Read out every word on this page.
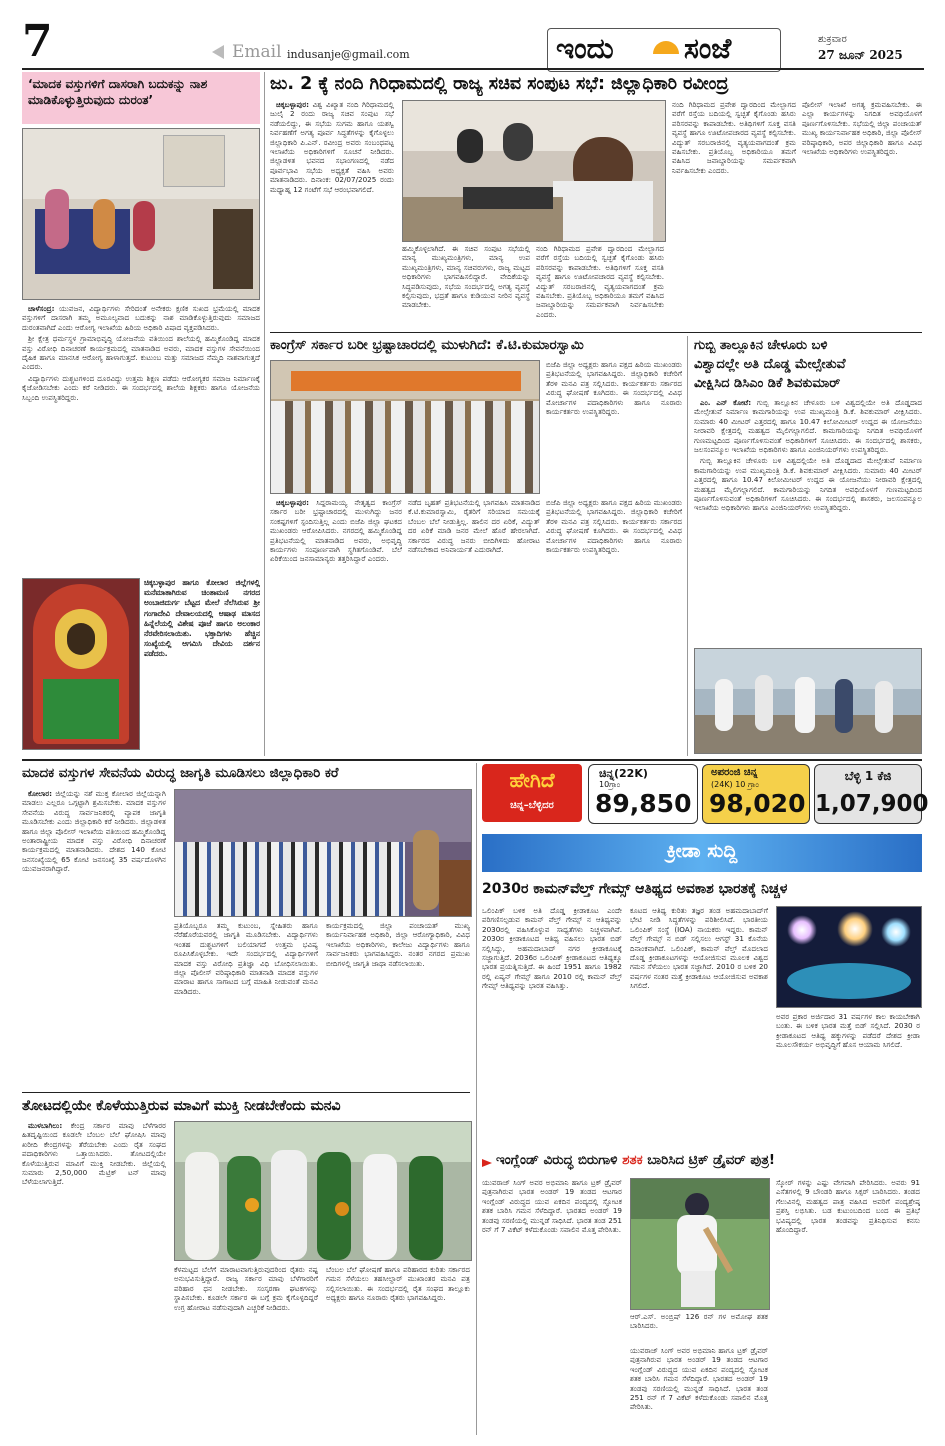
7	Email indusanje@gmail.com	ಇಂದು	ಸಂಜೆ	ಶುಕ್ರವಾರ
27 ಜೂನ್ 2025
‘ಮಾದಕ ವಸ್ತುಗಳಿಗೆ ದಾಸರಾಗಿ ಬದುಕನ್ನು ನಾಶ ಮಾಡಿಕೊಳ್ಳುತ್ತಿರುವುದು ದುರಂತ’

ಚಾಳೆಸಂದ್ರ: ಯುವಜನ, ವಿದ್ಯಾರ್ಥಿಗಳು ಸೇರಿದಂತೆ ಅನೇಕರು ಕ್ಷಣಿಕ ಸುಖದ ಭ್ರಮೆಯಲ್ಲಿ ಮಾದಕ ವಸ್ತುಗಳಿಗೆ ದಾಸರಾಗಿ ತಮ್ಮ ಅಮೂಲ್ಯವಾದ ಬದುಕನ್ನು ನಾಶ ಮಾಡಿಕೊಳ್ಳುತ್ತಿರುವುದು ಸಮಾಜದ ದುರಂತವಾಗಿದೆ ಎಂದು ಆರೋಗ್ಯ ಇಲಾಖೆಯ ಹಿರಿಯ ಅಧಿಕಾರಿ ವಿಷಾದ ವ್ಯಕ್ತಪಡಿಸಿದರು.

ಶ್ರೀ ಕ್ಷೇತ್ರ ಧರ್ಮಸ್ಥಳ ಗ್ರಾಮಾಭಿವೃದ್ಧಿ ಯೋಜನೆಯ ವತಿಯಿಂದ ಶಾಲೆಯಲ್ಲಿ ಹಮ್ಮಿಕೊಂಡಿದ್ದ ಮಾದಕ ವಸ್ತು ವಿರೋಧಿ ದಿನಾಚರಣೆ ಕಾರ್ಯಕ್ರಮದಲ್ಲಿ ಮಾತನಾಡಿದ ಅವರು, ಮಾದಕ ವಸ್ತುಗಳ ಸೇವನೆಯಿಂದ ದೈಹಿಕ ಹಾಗೂ ಮಾನಸಿಕ ಆರೋಗ್ಯ ಹಾಳಾಗುತ್ತದೆ. ಕುಟುಂಬ ಮತ್ತು ಸಮಾಜದ ನೆಮ್ಮದಿ ನಾಶವಾಗುತ್ತದೆ ಎಂದರು.

ವಿದ್ಯಾರ್ಥಿಗಳು ದುಶ್ಚಟಗಳಿಂದ ದೂರವಿದ್ದು ಉತ್ತಮ ಶಿಕ್ಷಣ ಪಡೆದು ಆರೋಗ್ಯಕರ ಸಮಾಜ ನಿರ್ಮಾಣಕ್ಕೆ ಕೈಜೋಡಿಸಬೇಕು ಎಂದು ಕರೆ ನೀಡಿದರು. ಈ ಸಂದರ್ಭದಲ್ಲಿ ಶಾಲೆಯ ಶಿಕ್ಷಕರು ಹಾಗೂ ಯೋಜನೆಯ ಸಿಬ್ಬಂದಿ ಉಪಸ್ಥಿತರಿದ್ದರು.

ಚಿಕ್ಕಬಳ್ಳಾಪುರ ಹಾಗೂ ಕೋಲಾರ ಜಿಲ್ಲೆಗಳಲ್ಲಿ ಮನೆಮಾತಾಗಿರುವ ಚಿಂತಾಮಣಿ ನಗರದ ಅಂಬಾಜಿದುರ್ಗ ಬೆಟ್ಟದ ಮೇಲೆ ನೆಲೆಸಿರುವ ಶ್ರೀ ಗಂಗಾದೇವಿ ದೇವಾಲಯದಲ್ಲಿ ಆಷಾಢ ಮಾಸದ ಹಿನ್ನೆಲೆಯಲ್ಲಿ ವಿಶೇಷ ಪೂಜೆ ಹಾಗೂ ಅಲಂಕಾರ ನೆರವೇರಿಸಲಾಯಿತು. ಭಕ್ತಾದಿಗಳು ಹೆಚ್ಚಿನ ಸಂಖ್ಯೆಯಲ್ಲಿ ಆಗಮಿಸಿ ದೇವಿಯ ದರ್ಶನ ಪಡೆದರು.
ಜು. 2 ಕ್ಕೆ ನಂದಿ ಗಿರಿಧಾಮದಲ್ಲಿ ರಾಜ್ಯ ಸಚಿವ ಸಂಪುಟ ಸಭೆ: ಜಿಲ್ಲಾಧಿಕಾರಿ ರವೀಂದ್ರ

ಚಿಕ್ಕಬಳ್ಳಾಪುರ: ವಿಶ್ವ ವಿಖ್ಯಾತ ನಂದಿ ಗಿರಿಧಾಮದಲ್ಲಿ ಜುಲೈ 2 ರಂದು ರಾಜ್ಯ ಸಚಿವ ಸಂಪುಟ ಸಭೆ ನಡೆಯಲಿದ್ದು, ಈ ಸಭೆಯ ಸುಗಮ ಹಾಗೂ ಯಶಸ್ವಿ ನಿರ್ವಹಣೆಗೆ ಅಗತ್ಯ ಪೂರ್ವ ಸಿದ್ಧತೆಗಳನ್ನು ಕೈಗೊಳ್ಳಲು ಜಿಲ್ಲಾಧಿಕಾರಿ ಪಿ.ಎನ್. ರವೀಂದ್ರ ಅವರು ಸಂಬಂಧಪಟ್ಟ ಇಲಾಖೆಯ ಅಧಿಕಾರಿಗಳಿಗೆ ಸೂಚನೆ ನೀಡಿದರು. ಜಿಲ್ಲಾಡಳಿತ ಭವನದ ಸಭಾಂಗಣದಲ್ಲಿ ನಡೆದ ಪೂರ್ವಭಾವಿ ಸಭೆಯ ಅಧ್ಯಕ್ಷತೆ ವಹಿಸಿ ಅವರು ಮಾತನಾಡಿದರು. ದಿನಾಂಕ: 02/07/2025 ರಂದು ಮಧ್ಯಾಹ್ನ 12 ಗಂಟೆಗೆ ಸಭೆ ಆರಂಭವಾಗಲಿದೆ.

ಹಮ್ಮಿಕೊಳ್ಳಲಾಗಿದೆ. ಈ ಸಚಿವ ಸಂಪುಟ ಸಭೆಯಲ್ಲಿ ಮಾನ್ಯ ಮುಖ್ಯಮಂತ್ರಿಗಳು, ಮಾನ್ಯ ಉಪ ಮುಖ್ಯಮಂತ್ರಿಗಳು, ಮಾನ್ಯ ಸಚಿವರುಗಳು, ರಾಜ್ಯ ಮಟ್ಟದ ಅಧಿಕಾರಿಗಳು ಭಾಗವಹಿಸಲಿದ್ದಾರೆ. ವೇದಿಕೆಯನ್ನು ಸಿದ್ಧಪಡಿಸುವುದು, ಸಭೆಯ ಸಂದರ್ಭದಲ್ಲಿ ಅಗತ್ಯ ವ್ಯವಸ್ಥೆ ಕಲ್ಪಿಸುವುದು, ಭದ್ರತೆ ಹಾಗೂ ಕುಡಿಯುವ ನೀರಿನ ವ್ಯವಸ್ಥೆ ಮಾಡಬೇಕು.
ನಂದಿ ಗಿರಿಧಾಮದ ಪ್ರವೇಶ ದ್ವಾರದಿಂದ ಮೇಲ್ಭಾಗದ ವರೆಗೆ ರಸ್ತೆಯ ಬದಿಯಲ್ಲಿ ಸ್ವಚ್ಛತೆ ಕೈಗೊಂಡು ಹಸಿರು ಪರಿಸರವನ್ನು ಕಾಪಾಡಬೇಕು. ಅತಿಥಿಗಳಿಗೆ ಸೂಕ್ತ ವಸತಿ ವ್ಯವಸ್ಥೆ ಹಾಗೂ ಊಟೋಪಚಾರದ ವ್ಯವಸ್ಥೆ ಕಲ್ಪಿಸಬೇಕು. ವಿದ್ಯುತ್ ಸರಬರಾಜಿನಲ್ಲಿ ವ್ಯತ್ಯಯವಾಗದಂತೆ ಕ್ರಮ ವಹಿಸಬೇಕು. ಪ್ರತಿಯೊಬ್ಬ ಅಧಿಕಾರಿಯೂ ತಮಗೆ ವಹಿಸಿದ ಜವಾಬ್ದಾರಿಯನ್ನು ಸಮರ್ಪಕವಾಗಿ ನಿರ್ವಹಿಸಬೇಕು ಎಂದರು.
ನಂದಿ ಗಿರಿಧಾಮದ ಪ್ರವೇಶ ದ್ವಾರದಿಂದ ಮೇಲ್ಭಾಗದ ವರೆಗೆ ರಸ್ತೆಯ ಬದಿಯಲ್ಲಿ ಸ್ವಚ್ಛತೆ ಕೈಗೊಂಡು ಹಸಿರು ಪರಿಸರವನ್ನು ಕಾಪಾಡಬೇಕು. ಅತಿಥಿಗಳಿಗೆ ಸೂಕ್ತ ವಸತಿ ವ್ಯವಸ್ಥೆ ಹಾಗೂ ಊಟೋಪಚಾರದ ವ್ಯವಸ್ಥೆ ಕಲ್ಪಿಸಬೇಕು. ವಿದ್ಯುತ್ ಸರಬರಾಜಿನಲ್ಲಿ ವ್ಯತ್ಯಯವಾಗದಂತೆ ಕ್ರಮ ವಹಿಸಬೇಕು. ಪ್ರತಿಯೊಬ್ಬ ಅಧಿಕಾರಿಯೂ ತಮಗೆ ವಹಿಸಿದ ಜವಾಬ್ದಾರಿಯನ್ನು ಸಮರ್ಪಕವಾಗಿ ನಿರ್ವಹಿಸಬೇಕು ಎಂದರು.
ಪೊಲೀಸ್ ಇಲಾಖೆ ಅಗತ್ಯ ಕ್ರಮವಹಿಸಬೇಕು. ಈ ಎಲ್ಲಾ ಕಾರ್ಯಗಳನ್ನು ನಿಗದಿತ ಅವಧಿಯೊಳಗೆ ಪೂರ್ಣಗೊಳಿಸಬೇಕು. ಸಭೆಯಲ್ಲಿ ಜಿಲ್ಲಾ ಪಂಚಾಯತ್ ಮುಖ್ಯ ಕಾರ್ಯನಿರ್ವಾಹಕ ಅಧಿಕಾರಿ, ಜಿಲ್ಲಾ ಪೊಲೀಸ್ ವರಿಷ್ಠಾಧಿಕಾರಿ, ಅಪರ ಜಿಲ್ಲಾಧಿಕಾರಿ ಹಾಗೂ ವಿವಿಧ ಇಲಾಖೆಯ ಅಧಿಕಾರಿಗಳು ಉಪಸ್ಥಿತರಿದ್ದರು.
ಕಾಂಗ್ರೆಸ್ ಸರ್ಕಾರ ಬರೀ ಭ್ರಷ್ಟಾಚಾರದಲ್ಲಿ ಮುಳುಗಿದೆ: ಕೆ.ಟಿ.ಕುಮಾರಸ್ವಾಮಿ
ಬಿಜೆಪಿ ಜಿಲ್ಲಾ ಅಧ್ಯಕ್ಷರು ಹಾಗೂ ಪಕ್ಷದ ಹಿರಿಯ ಮುಖಂಡರು ಪ್ರತಿಭಟನೆಯಲ್ಲಿ ಭಾಗವಹಿಸಿದ್ದರು. ಜಿಲ್ಲಾಧಿಕಾರಿ ಕಚೇರಿಗೆ ತೆರಳಿ ಮನವಿ ಪತ್ರ ಸಲ್ಲಿಸಿದರು. ಕಾರ್ಯಕರ್ತರು ಸರ್ಕಾರದ ವಿರುದ್ಧ ಘೋಷಣೆ ಕೂಗಿದರು. ಈ ಸಂದರ್ಭದಲ್ಲಿ ವಿವಿಧ ಮೋರ್ಚಾಗಳ ಪದಾಧಿಕಾರಿಗಳು ಹಾಗೂ ನೂರಾರು ಕಾರ್ಯಕರ್ತರು ಉಪಸ್ಥಿತರಿದ್ದರು.

ಚಿಕ್ಕಬಳ್ಳಾಪುರ: ಸಿದ್ದರಾಮಯ್ಯ ನೇತೃತ್ವದ ಕಾಂಗ್ರೆಸ್ ಸರ್ಕಾರ ಬರೀ ಭ್ರಷ್ಟಾಚಾರದಲ್ಲಿ ಮುಳುಗಿದ್ದು ಜನರ ಸಂಕಷ್ಟಗಳಿಗೆ ಸ್ಪಂದಿಸುತ್ತಿಲ್ಲ ಎಂದು ಬಿಜೆಪಿ ಜಿಲ್ಲಾ ಘಟಕದ ಮುಖಂಡರು ಆರೋಪಿಸಿದರು. ನಗರದಲ್ಲಿ ಹಮ್ಮಿಕೊಂಡಿದ್ದ ಪ್ರತಿಭಟನೆಯಲ್ಲಿ ಮಾತನಾಡಿದ ಅವರು, ಅಭಿವೃದ್ಧಿ ಕಾರ್ಯಗಳು ಸಂಪೂರ್ಣವಾಗಿ ಸ್ಥಗಿತಗೊಂಡಿವೆ. ಬೆಲೆ ಏರಿಕೆಯಿಂದ ಜನಸಾಮಾನ್ಯರು ತತ್ತರಿಸಿದ್ದಾರೆ ಎಂದರು.

ನಡೆದ ಬೃಹತ್ ಪ್ರತಿಭಟನೆಯಲ್ಲಿ ಭಾಗವಹಿಸಿ ಮಾತನಾಡಿದ ಕೆ.ಟಿ.ಕುಮಾರಸ್ವಾಮಿ, ರೈತರಿಗೆ ಸರಿಯಾದ ಸಮಯಕ್ಕೆ ಬೆಂಬಲ ಬೆಲೆ ನೀಡುತ್ತಿಲ್ಲ. ಹಾಲಿನ ದರ ಏರಿಕೆ, ವಿದ್ಯುತ್ ದರ ಏರಿಕೆ ಮಾಡಿ ಜನರ ಮೇಲೆ ಹೊರೆ ಹೇರಲಾಗಿದೆ. ಸರ್ಕಾರದ ವಿರುದ್ಧ ಜನರು ಬೀದಿಗಿಳಿದು ಹೋರಾಟ ನಡೆಸಬೇಕಾದ ಅನಿವಾರ್ಯತೆ ಎದುರಾಗಿದೆ.
ಬಿಜೆಪಿ ಜಿಲ್ಲಾ ಅಧ್ಯಕ್ಷರು ಹಾಗೂ ಪಕ್ಷದ ಹಿರಿಯ ಮುಖಂಡರು ಪ್ರತಿಭಟನೆಯಲ್ಲಿ ಭಾಗವಹಿಸಿದ್ದರು. ಜಿಲ್ಲಾಧಿಕಾರಿ ಕಚೇರಿಗೆ ತೆರಳಿ ಮನವಿ ಪತ್ರ ಸಲ್ಲಿಸಿದರು. ಕಾರ್ಯಕರ್ತರು ಸರ್ಕಾರದ ವಿರುದ್ಧ ಘೋಷಣೆ ಕೂಗಿದರು. ಈ ಸಂದರ್ಭದಲ್ಲಿ ವಿವಿಧ ಮೋರ್ಚಾಗಳ ಪದಾಧಿಕಾರಿಗಳು ಹಾಗೂ ನೂರಾರು ಕಾರ್ಯಕರ್ತರು ಉಪಸ್ಥಿತರಿದ್ದರು.
ಗುಬ್ಬಿ ತಾಲ್ಲೂಕಿನ ಚೇಳೂರು ಬಳಿ
ವಿಶ್ವಾದಲ್ಲೇ ಅತಿ ದೊಡ್ಡ ಮೇಲ್ಸೇತುವೆ
ವೀಕ್ಷಿಸಿದ ಡಿಸಿಎಂ ಡಿಕೆ ಶಿವಕುಮಾರ್

ಎಂ. ಎನ್ ಕೋಟೆ: ಗುಬ್ಬಿ ತಾಲ್ಲೂಕಿನ ಚೇಳೂರು ಬಳಿ ವಿಶ್ವದಲ್ಲಿಯೇ ಅತಿ ದೊಡ್ಡದಾದ ಮೇಲ್ಸೇತುವೆ ನಿರ್ಮಾಣ ಕಾಮಗಾರಿಯನ್ನು ಉಪ ಮುಖ್ಯಮಂತ್ರಿ ಡಿ.ಕೆ. ಶಿವಕುಮಾರ್ ವೀಕ್ಷಿಸಿದರು. ಸುಮಾರು 40 ಮೀಟರ್ ಎತ್ತರದಲ್ಲಿ ಹಾಗೂ 10.47 ಕಿಲೋಮೀಟರ್ ಉದ್ದದ ಈ ಯೋಜನೆಯು ನೀರಾವರಿ ಕ್ಷೇತ್ರದಲ್ಲಿ ಮಹತ್ವದ ಮೈಲಿಗಲ್ಲಾಗಲಿದೆ. ಕಾಮಗಾರಿಯನ್ನು ನಿಗದಿತ ಅವಧಿಯೊಳಗೆ ಗುಣಮಟ್ಟದಿಂದ ಪೂರ್ಣಗೊಳಿಸುವಂತೆ ಅಧಿಕಾರಿಗಳಿಗೆ ಸೂಚಿಸಿದರು. ಈ ಸಂದರ್ಭದಲ್ಲಿ ಶಾಸಕರು, ಜಲಸಂಪನ್ಮೂಲ ಇಲಾಖೆಯ ಅಧಿಕಾರಿಗಳು ಹಾಗೂ ಎಂಜಿನಿಯರ್‌ಗಳು ಉಪಸ್ಥಿತರಿದ್ದರು.

ಗುಬ್ಬಿ ತಾಲ್ಲೂಕಿನ ಚೇಳೂರು ಬಳಿ ವಿಶ್ವದಲ್ಲಿಯೇ ಅತಿ ದೊಡ್ಡದಾದ ಮೇಲ್ಸೇತುವೆ ನಿರ್ಮಾಣ ಕಾಮಗಾರಿಯನ್ನು ಉಪ ಮುಖ್ಯಮಂತ್ರಿ ಡಿ.ಕೆ. ಶಿವಕುಮಾರ್ ವೀಕ್ಷಿಸಿದರು. ಸುಮಾರು 40 ಮೀಟರ್ ಎತ್ತರದಲ್ಲಿ ಹಾಗೂ 10.47 ಕಿಲೋಮೀಟರ್ ಉದ್ದದ ಈ ಯೋಜನೆಯು ನೀರಾವರಿ ಕ್ಷೇತ್ರದಲ್ಲಿ ಮಹತ್ವದ ಮೈಲಿಗಲ್ಲಾಗಲಿದೆ. ಕಾಮಗಾರಿಯನ್ನು ನಿಗದಿತ ಅವಧಿಯೊಳಗೆ ಗುಣಮಟ್ಟದಿಂದ ಪೂರ್ಣಗೊಳಿಸುವಂತೆ ಅಧಿಕಾರಿಗಳಿಗೆ ಸೂಚಿಸಿದರು. ಈ ಸಂದರ್ಭದಲ್ಲಿ ಶಾಸಕರು, ಜಲಸಂಪನ್ಮೂಲ ಇಲಾಖೆಯ ಅಧಿಕಾರಿಗಳು ಹಾಗೂ ಎಂಜಿನಿಯರ್‌ಗಳು ಉಪಸ್ಥಿತರಿದ್ದರು.

ಮಾದಕ ವಸ್ತುಗಳ ಸೇವನೆಯ ವಿರುದ್ಧ ಜಾಗೃತಿ ಮೂಡಿಸಲು ಜಿಲ್ಲಾಧಿಕಾರಿ ಕರೆ

ಕೋಲಾರ: ಜಿಲ್ಲೆಯನ್ನು ನಶೆ ಮುಕ್ತ ಕೋಲಾರ ಜಿಲ್ಲೆಯನ್ನಾಗಿ ಮಾಡಲು ಎಲ್ಲರೂ ಒಗ್ಗಟ್ಟಾಗಿ ಶ್ರಮಿಸಬೇಕು. ಮಾದಕ ವಸ್ತುಗಳ ಸೇವನೆಯ ವಿರುದ್ಧ ಸಾರ್ವಜನಿಕರಲ್ಲಿ ವ್ಯಾಪಕ ಜಾಗೃತಿ ಮೂಡಿಸಬೇಕು ಎಂದು ಜಿಲ್ಲಾಧಿಕಾರಿ ಕರೆ ನೀಡಿದರು. ಜಿಲ್ಲಾಡಳಿತ ಹಾಗೂ ಜಿಲ್ಲಾ ಪೊಲೀಸ್ ಇಲಾಖೆಯ ವತಿಯಿಂದ ಹಮ್ಮಿಕೊಂಡಿದ್ದ ಅಂತಾರಾಷ್ಟ್ರೀಯ ಮಾದಕ ವಸ್ತು ವಿರೋಧಿ ದಿನಾಚರಣೆ ಕಾರ್ಯಕ್ರಮದಲ್ಲಿ ಮಾತನಾಡಿದರು. ದೇಶದ 140 ಕೋಟಿ ಜನಸಂಖ್ಯೆಯಲ್ಲಿ 65 ಕೋಟಿ ಜನಸಂಖ್ಯೆ 35 ವರ್ಷದೊಳಗಿನ ಯುವಜನರಾಗಿದ್ದಾರೆ.

ಪ್ರತಿಯೊಬ್ಬರೂ ತಮ್ಮ ಕುಟುಂಬ, ಸ್ನೇಹಿತರು ಹಾಗೂ ನೆರೆಹೊರೆಯವರಲ್ಲಿ ಜಾಗೃತಿ ಮೂಡಿಸಬೇಕು. ವಿದ್ಯಾರ್ಥಿಗಳು ಇಂತಹ ದುಶ್ಚಟಗಳಿಗೆ ಬಲಿಯಾಗದೆ ಉತ್ತಮ ಭವಿಷ್ಯ ರೂಪಿಸಿಕೊಳ್ಳಬೇಕು. ಇದೇ ಸಂದರ್ಭದಲ್ಲಿ ವಿದ್ಯಾರ್ಥಿಗಳಿಗೆ ಮಾದಕ ವಸ್ತು ವಿರೋಧಿ ಪ್ರತಿಜ್ಞಾ ವಿಧಿ ಬೋಧಿಸಲಾಯಿತು. ಜಿಲ್ಲಾ ಪೊಲೀಸ್ ವರಿಷ್ಠಾಧಿಕಾರಿ ಮಾತನಾಡಿ ಮಾದಕ ವಸ್ತುಗಳ ಮಾರಾಟ ಹಾಗೂ ಸಾಗಾಟದ ಬಗ್ಗೆ ಮಾಹಿತಿ ನೀಡುವಂತೆ ಮನವಿ ಮಾಡಿದರು.
ಕಾರ್ಯಕ್ರಮದಲ್ಲಿ ಜಿಲ್ಲಾ ಪಂಚಾಯತ್ ಮುಖ್ಯ ಕಾರ್ಯನಿರ್ವಾಹಕ ಅಧಿಕಾರಿ, ಜಿಲ್ಲಾ ಆರೋಗ್ಯಾಧಿಕಾರಿ, ವಿವಿಧ ಇಲಾಖೆಯ ಅಧಿಕಾರಿಗಳು, ಕಾಲೇಜು ವಿದ್ಯಾರ್ಥಿಗಳು ಹಾಗೂ ಸಾರ್ವಜನಿಕರು ಭಾಗವಹಿಸಿದ್ದರು. ನಂತರ ನಗರದ ಪ್ರಮುಖ ಬೀದಿಗಳಲ್ಲಿ ಜಾಗೃತಿ ಜಾಥಾ ನಡೆಸಲಾಯಿತು.
ತೋಟದಲ್ಲಿಯೇ ಕೊಳೆಯುತ್ತಿರುವ ಮಾವಿಗೆ ಮುಕ್ತಿ ನೀಡಬೇಕೆಂದು ಮನವಿ

ಮುಳಬಾಗಿಲು: ಕೇಂದ್ರ ಸರ್ಕಾರ ಮಾವು ಬೆಳೆಗಾರರ ಹಿತದೃಷ್ಟಿಯಿಂದ ಕೂಡಲೇ ಬೆಂಬಲ ಬೆಲೆ ಘೋಷಿಸಿ ಮಾವು ಖರೀದಿ ಕೇಂದ್ರಗಳನ್ನು ತೆರೆಯಬೇಕು ಎಂದು ರೈತ ಸಂಘದ ಪದಾಧಿಕಾರಿಗಳು ಒತ್ತಾಯಿಸಿದರು. ತೋಟದಲ್ಲಿಯೇ ಕೊಳೆಯುತ್ತಿರುವ ಮಾವಿಗೆ ಮುಕ್ತಿ ನೀಡಬೇಕು. ಜಿಲ್ಲೆಯಲ್ಲಿ ಸುಮಾರು 2,50,000 ಮೆಟ್ರಿಕ್ ಟನ್ ಮಾವು ಬೆಳೆಯಲಾಗುತ್ತಿದೆ.

ಕೆಳಮಟ್ಟದ ಬೆಲೆಗೆ ಮಾರಾಟವಾಗುತ್ತಿರುವುದರಿಂದ ರೈತರು ನಷ್ಟ ಅನುಭವಿಸುತ್ತಿದ್ದಾರೆ. ರಾಜ್ಯ ಸರ್ಕಾರ ಮಾವು ಬೆಳೆಗಾರರಿಗೆ ಪರಿಹಾರ ಧನ ನೀಡಬೇಕು. ಸಂಸ್ಕರಣಾ ಘಟಕಗಳನ್ನು ಸ್ಥಾಪಿಸಬೇಕು. ಕೂಡಲೇ ಸರ್ಕಾರ ಈ ಬಗ್ಗೆ ಕ್ರಮ ಕೈಗೊಳ್ಳದಿದ್ದರೆ ಉಗ್ರ ಹೋರಾಟ ನಡೆಸುವುದಾಗಿ ಎಚ್ಚರಿಕೆ ನೀಡಿದರು.
ಬೆಂಬಲ ಬೆಲೆ ಘೋಷಣೆ ಹಾಗೂ ಪರಿಹಾರದ ಕುರಿತು ಸರ್ಕಾರದ ಗಮನ ಸೆಳೆಯಲು ತಹಸೀಲ್ದಾರ್ ಮುಖಾಂತರ ಮನವಿ ಪತ್ರ ಸಲ್ಲಿಸಲಾಯಿತು. ಈ ಸಂದರ್ಭದಲ್ಲಿ ರೈತ ಸಂಘದ ತಾಲ್ಲೂಕು ಅಧ್ಯಕ್ಷರು ಹಾಗೂ ನೂರಾರು ರೈತರು ಭಾಗವಹಿಸಿದ್ದರು.
ಹೇಗಿದೆ
ಚಿನ್ನ–ಬೆಳ್ಳಿದರ
ಚಿನ್ನ(22K)
10ಗ್ರಾಂ
89,850
ಅಪರಂಜಿ ಚಿನ್ನ
(24K) 10 ಗ್ರಾಂ
98,020
ಬೆಳ್ಳಿ 1 ಕೆಜಿ
1,07,900
ಕ್ರೀಡಾ ಸುದ್ದಿ
2030ರ ಕಾಮನ್‌ವೆಲ್ತ್ ಗೇಮ್ಸ್ ಆತಿಥ್ಯದ ಅವಕಾಶ ಭಾರತಕ್ಕೆ ನಿಚ್ಚಳ
ಒಲಿಂಪಿಕ್ ಬಳಿಕ ಅತಿ ದೊಡ್ಡ ಕ್ರೀಡಾಕೂಟ ಎಂದೇ ಪರಿಗಣಿಸಲ್ಪಡುವ ಕಾಮನ್ ವೆಲ್ತ್ ಗೇಮ್ಸ್ ನ ಆತಿಥ್ಯವನ್ನು 2030ರಲ್ಲಿ ವಹಿಸಿಕೊಳ್ಳುವ ಸಾಧ್ಯತೆಗಳು ನಿಚ್ಚಳವಾಗಿವೆ. 2030ರ ಕ್ರೀಡಾಕೂಟದ ಆತಿಥ್ಯ ವಹಿಸಲು ಭಾರತ ಬಿಡ್ ಸಲ್ಲಿಸಿದ್ದು, ಅಹಮದಾಬಾದ್ ನಗರ ಕ್ರೀಡಾಕೂಟಕ್ಕೆ ಸಜ್ಜಾಗುತ್ತಿದೆ. 2036ರ ಒಲಿಂಪಿಕ್ ಕ್ರೀಡಾಕೂಟದ ಆತಿಥ್ಯಕ್ಕೂ ಭಾರತ ಪ್ರಯತ್ನಿಸುತ್ತಿದೆ. ಈ ಹಿಂದೆ 1951 ಹಾಗೂ 1982 ರಲ್ಲಿ ಏಷ್ಯನ್ ಗೇಮ್ಸ್ ಹಾಗೂ 2010 ರಲ್ಲಿ ಕಾಮನ್ ವೆಲ್ತ್ ಗೇಮ್ಸ್ ಆತಿಥ್ಯವನ್ನು ಭಾರತ ವಹಿಸಿತ್ತು.
ಕೂಟದ ಆತಿಥ್ಯ ಕುರಿತು ತಜ್ಞರ ತಂಡ ಅಹಮದಾಬಾದ್‌ಗೆ ಭೇಟಿ ನೀಡಿ ಸಿದ್ಧತೆಗಳನ್ನು ಪರಿಶೀಲಿಸಿದೆ. ಭಾರತೀಯ ಒಲಿಂಪಿಕ್ ಸಂಸ್ಥೆ (IOA) ನಾಯಕರು ಇದ್ದರು. ಕಾಮನ್ ವೆಲ್ತ್ ಗೇಮ್ಸ್ ನ ಬಿಡ್ ಸಲ್ಲಿಸಲು ಆಗಸ್ಟ್ 31 ಕೊನೆಯ ದಿನಾಂಕವಾಗಿದೆ. ಒಲಿಂಪಿಕ್, ಕಾಮನ್ ವೆಲ್ತ್ ಮೊದಲಾದ ದೊಡ್ಡ ಕ್ರೀಡಾಕೂಟಗಳನ್ನು ಆಯೋಜಿಸುವ ಮೂಲಕ ವಿಶ್ವದ ಗಮನ ಸೆಳೆಯಲು ಭಾರತ ಸಜ್ಜಾಗಿದೆ. 2010 ರ ಬಳಿಕ 20 ವರ್ಷಗಳ ನಂತರ ಮತ್ತೆ ಕ್ರೀಡಾಕೂಟ ಆಯೋಜಿಸುವ ಅವಕಾಶ ಸಿಗಲಿದೆ.
ಅವರ ಪ್ರಕಾರ ಅರ್ಜಿದಾರ 31 ವರ್ಷಗಳ ಕಾಲ ಕಾಯಬೇಕಾಗಿ ಬಂತು. ಈ ಬಳಿಕ ಭಾರತ ಮತ್ತೆ ಬಿಡ್ ಸಲ್ಲಿಸಿದೆ. 2030 ರ ಕ್ರೀಡಾಕೂಟದ ಆತಿಥ್ಯ ಹಕ್ಕುಗಳನ್ನು ಪಡೆದರೆ ದೇಶದ ಕ್ರೀಡಾ ಮೂಲಸೌಕರ್ಯ ಅಭಿವೃದ್ಧಿಗೆ ಹೊಸ ಆಯಾಮ ಸಿಗಲಿದೆ.
ಇಂಗ್ಲೆಂಡ್ ವಿರುದ್ಧ ಬಿರುಗಾಳಿ ಶತಕ ಬಾರಿಸಿದ ಟ್ರಿಕ್ ಡ್ರೈವರ್ ಪುತ್ರ!
ಯುವರಾಜ್ ಸಿಂಗ್ ಅವರ ಅಭಿಮಾನಿ ಹಾಗೂ ಟ್ರಕ್ ಡ್ರೈವರ್ ಪುತ್ರನಾಗಿರುವ ಭಾರತ ಅಂಡರ್ 19 ತಂಡದ ಆಟಗಾರ ಇಂಗ್ಲೆಂಡ್ ವಿರುದ್ಧದ ಯುವ ಏಕದಿನ ಪಂದ್ಯದಲ್ಲಿ ಸ್ಫೋಟಕ ಶತಕ ಬಾರಿಸಿ ಗಮನ ಸೆಳೆದಿದ್ದಾರೆ. ಭಾರತದ ಅಂಡರ್ 19 ತಂಡವು ಸರಣಿಯಲ್ಲಿ ಮುನ್ನಡೆ ಸಾಧಿಸಿದೆ. ಭಾರತ ತಂಡ 251 ರನ್ ಗೆ 7 ವಿಕೆಟ್ ಕಳೆದುಕೊಂಡು ಸವಾಲಿನ ಮೊತ್ತ ಪೇರಿಸಿತು.
ಆರ್.ಎಸ್. ಅಂಬ್ರಿಷ್ 126 ರನ್ ಗಳ ಅಮೋಘ ಶತಕ ಬಾರಿಸಿದರು.
ಯುವರಾಜ್ ಸಿಂಗ್ ಅವರ ಅಭಿಮಾನಿ ಹಾಗೂ ಟ್ರಕ್ ಡ್ರೈವರ್ ಪುತ್ರನಾಗಿರುವ ಭಾರತ ಅಂಡರ್ 19 ತಂಡದ ಆಟಗಾರ ಇಂಗ್ಲೆಂಡ್ ವಿರುದ್ಧದ ಯುವ ಏಕದಿನ ಪಂದ್ಯದಲ್ಲಿ ಸ್ಫೋಟಕ ಶತಕ ಬಾರಿಸಿ ಗಮನ ಸೆಳೆದಿದ್ದಾರೆ. ಭಾರತದ ಅಂಡರ್ 19 ತಂಡವು ಸರಣಿಯಲ್ಲಿ ಮುನ್ನಡೆ ಸಾಧಿಸಿದೆ. ಭಾರತ ತಂಡ 251 ರನ್ ಗೆ 7 ವಿಕೆಟ್ ಕಳೆದುಕೊಂಡು ಸವಾಲಿನ ಮೊತ್ತ ಪೇರಿಸಿತು.
ಸ್ಕೋರ್ ಗಳನ್ನು ಎಷ್ಟು ವೇಗವಾಗಿ ಪೇರಿಸಿದರು. ಅವರು 91 ಎಸೆತಗಳಲ್ಲಿ 9 ಬೌಂಡರಿ ಹಾಗೂ ಸಿಕ್ಸರ್ ಬಾರಿಸಿದರು. ತಂಡದ ಗೆಲುವಿನಲ್ಲಿ ಮಹತ್ವದ ಪಾತ್ರ ವಹಿಸಿದ ಅವರಿಗೆ ಪಂದ್ಯಶ್ರೇಷ್ಠ ಪ್ರಶಸ್ತಿ ಲಭಿಸಿತು. ಬಡ ಕುಟುಂಬದಿಂದ ಬಂದ ಈ ಪ್ರತಿಭೆ ಭವಿಷ್ಯದಲ್ಲಿ ಭಾರತ ತಂಡವನ್ನು ಪ್ರತಿನಿಧಿಸುವ ಕನಸು ಹೊಂದಿದ್ದಾರೆ.
